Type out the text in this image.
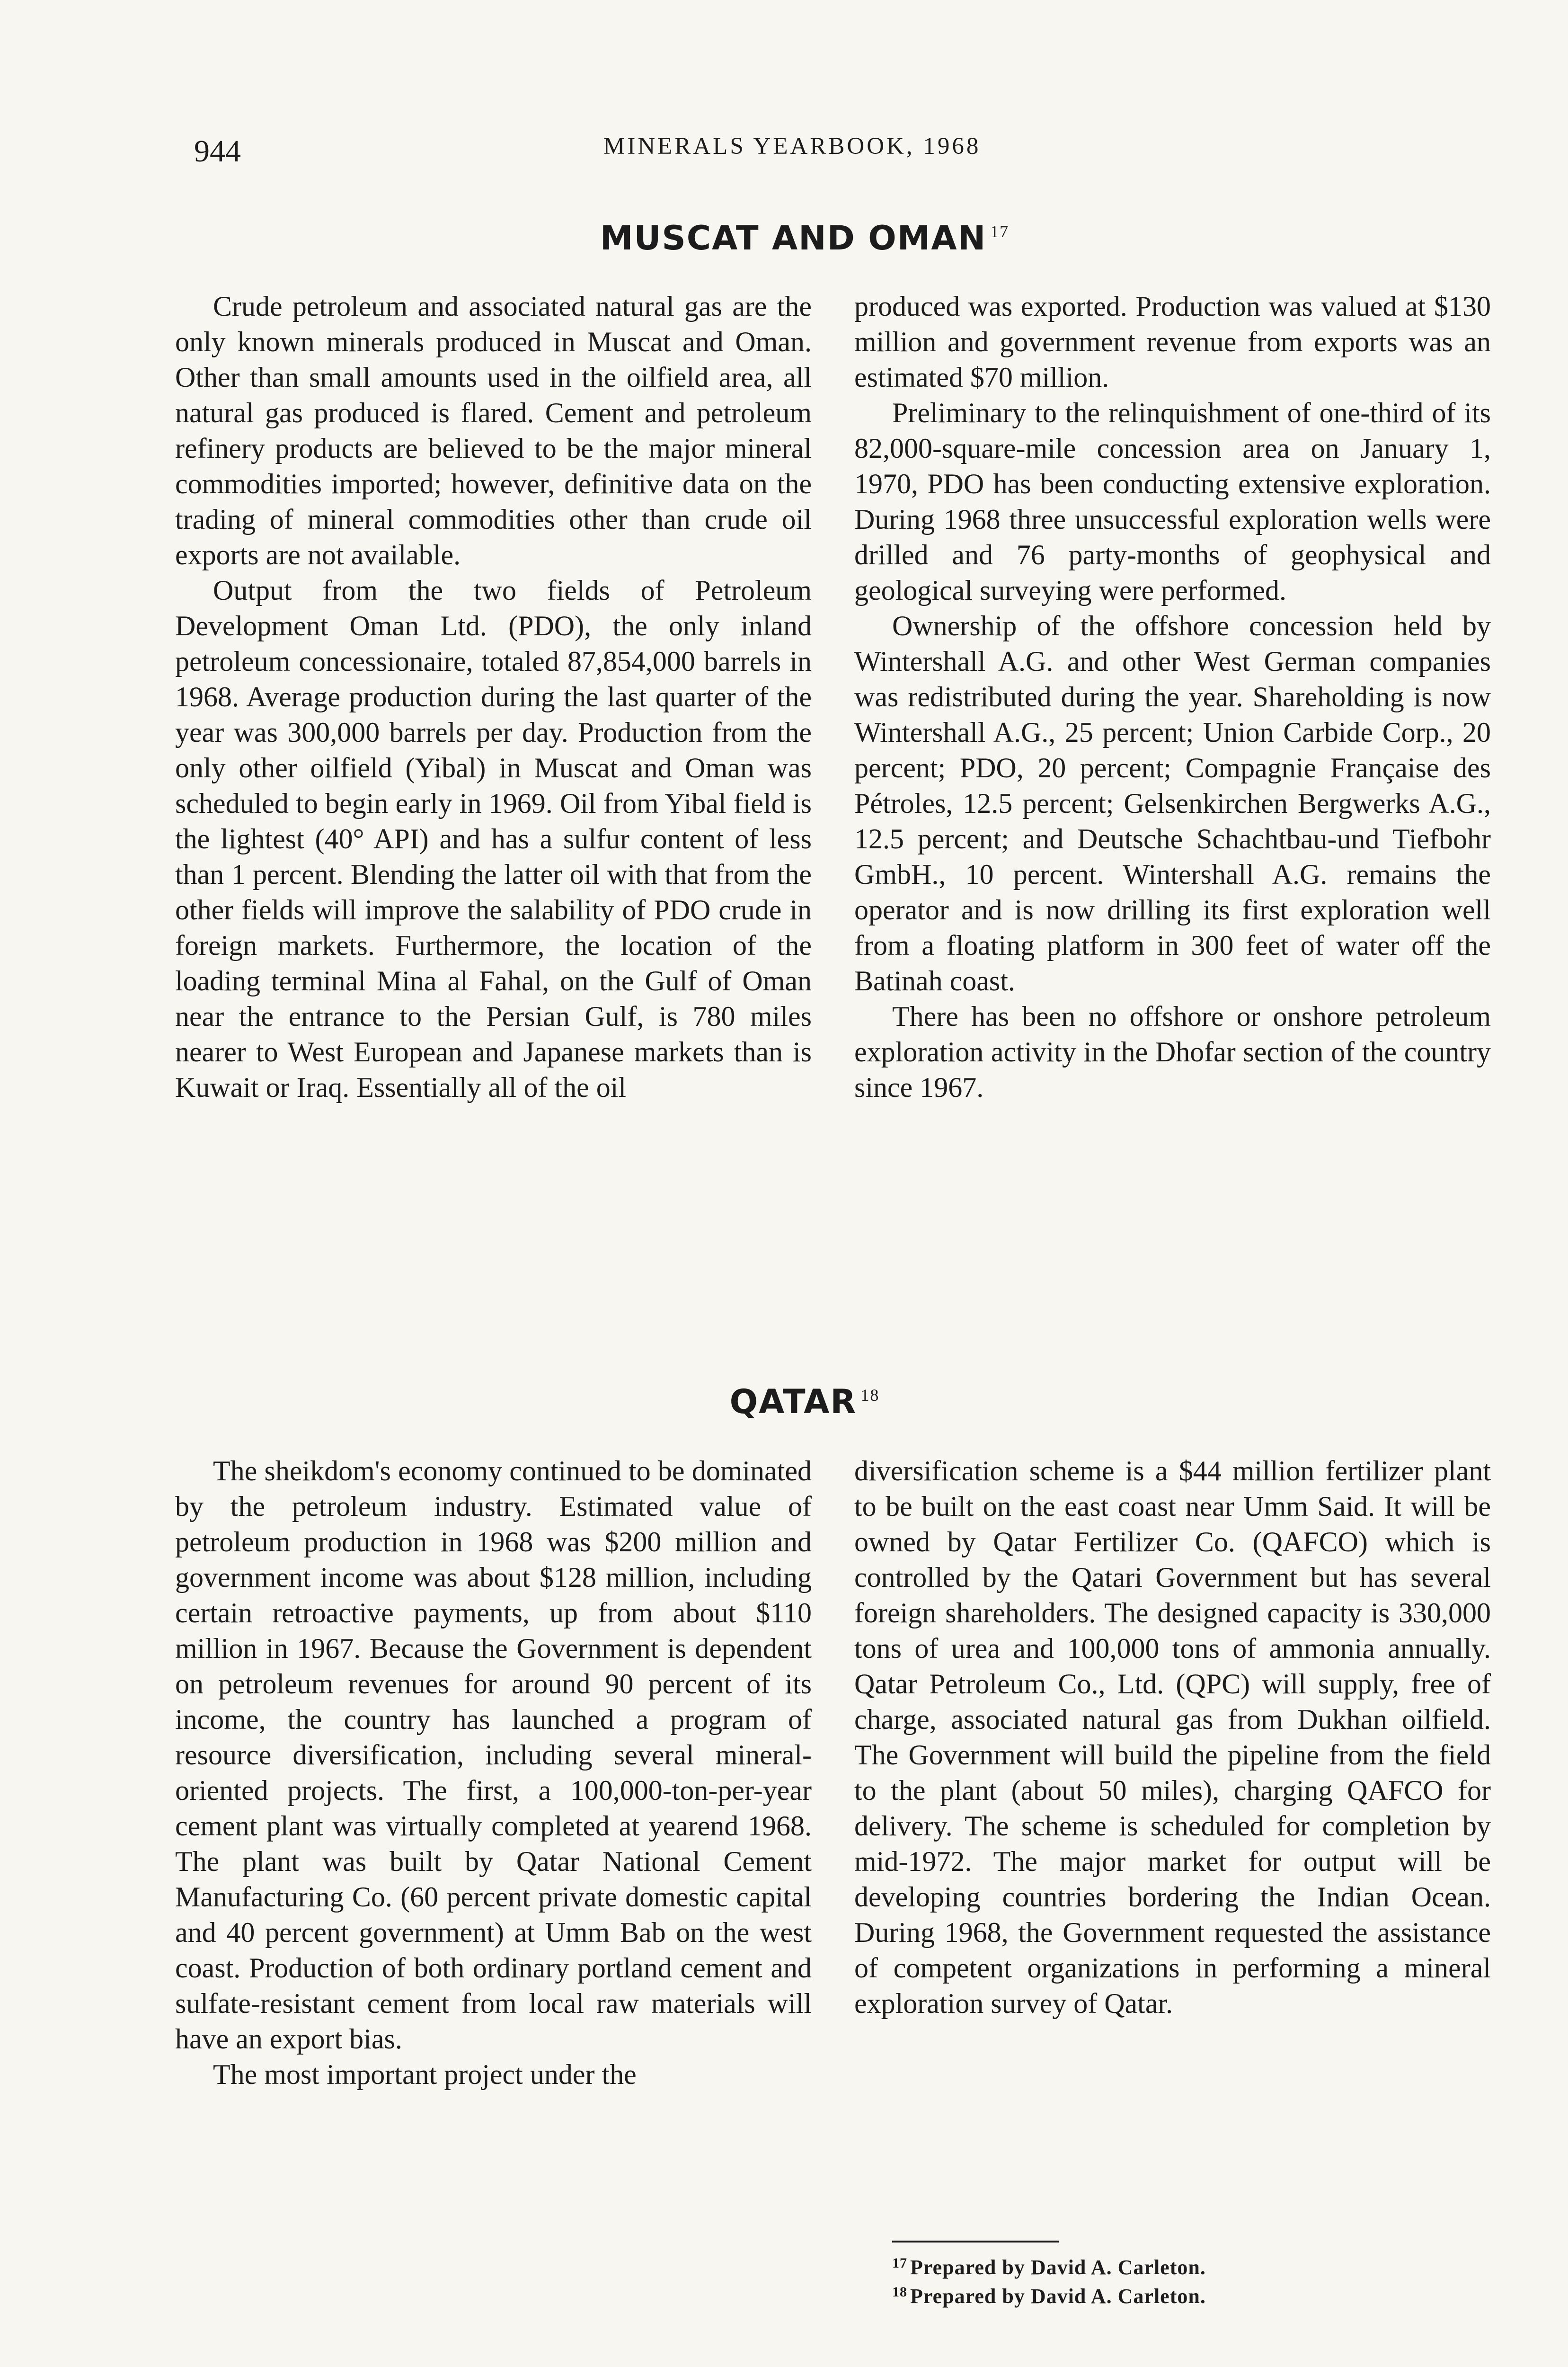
944	MINERALS YEARBOOK, 1968
MUSCAT AND OMAN $^{17}$

Crude petroleum and associated natural gas are the only known minerals produced in Muscat and Oman. Other than small amounts used in the oilfield area, all natural gas produced is flared. Cement and petroleum refinery products are believed to be the major mineral commodities imported; however, definitive data on the trading of mineral commodities other than crude oil exports are not available.

Output from the two fields of Petroleum Development Oman Ltd. (PDO), the only inland petroleum concessionaire, totaled 87,854,000 barrels in 1968. Average production during the last quarter of the year was 300,000 barrels per day. Production from the only other oilfield (Yibal) in Muscat and Oman was scheduled to begin early in 1969. Oil from Yibal field is the lightest (40° API) and has a sulfur content of less than 1 percent. Blending the latter oil with that from the other fields will improve the salability of PDO crude in foreign markets. Furthermore, the location of the loading terminal Mina al Fahal, on the Gulf of Oman near the entrance to the Persian Gulf, is 780 miles nearer to West European and Japanese markets than is Kuwait or Iraq. Essentially all of the oil

produced was exported. Production was valued at $130 million and government revenue from exports was an estimated $70 million.

Preliminary to the relinquishment of one-third of its 82,000-square-mile concession area on January 1, 1970, PDO has been conducting extensive exploration. During 1968 three unsuccessful exploration wells were drilled and 76 party-months of geophysical and geological surveying were performed.

Ownership of the offshore concession held by Wintershall A.G. and other West German companies was redistributed during the year. Shareholding is now Wintershall A.G., 25 percent; Union Carbide Corp., 20 percent; PDO, 20 percent; Compagnie Française des Pétroles, 12.5 percent; Gelsenkirchen Bergwerks A.G., 12.5 percent; and Deutsche Schachtbau-und Tiefbohr GmbH., 10 percent. Wintershall A.G. remains the operator and is now drilling its first exploration well from a floating platform in 300 feet of water off the Batinah coast.

There has been no offshore or onshore petroleum exploration activity in the Dhofar section of the country since 1967.

QATAR $^{18}$

The sheikdom's economy continued to be dominated by the petroleum industry. Estimated value of petroleum production in 1968 was $200 million and government income was about $128 million, including certain retroactive payments, up from about $110 million in 1967. Because the Government is dependent on petroleum revenues for around 90 percent of its income, the country has launched a program of resource diversification, including several mineral-oriented projects. The first, a 100,000-ton-per-year cement plant was virtually completed at yearend 1968. The plant was built by Qatar National Cement Manufacturing Co. (60 percent private domestic capital and 40 percent government) at Umm Bab on the west coast. Production of both ordinary portland cement and sulfate-resistant cement from local raw materials will have an export bias.

The most important project under the

diversification scheme is a $44 million fertilizer plant to be built on the east coast near Umm Said. It will be owned by Qatar Fertilizer Co. (QAFCO) which is controlled by the Qatari Government but has several foreign shareholders. The designed capacity is 330,000 tons of urea and 100,000 tons of ammonia annually. Qatar Petroleum Co., Ltd. (QPC) will supply, free of charge, associated natural gas from Dukhan oilfield. The Government will build the pipeline from the field to the plant (about 50 miles), charging QAFCO for delivery. The scheme is scheduled for completion by mid-1972. The major market for output will be developing countries bordering the Indian Ocean. During 1968, the Government requested the assistance of competent organizations in performing a mineral exploration survey of Qatar.

$^{17}$ Prepared by David A. Carleton.
$^{18}$ Prepared by David A. Carleton.
